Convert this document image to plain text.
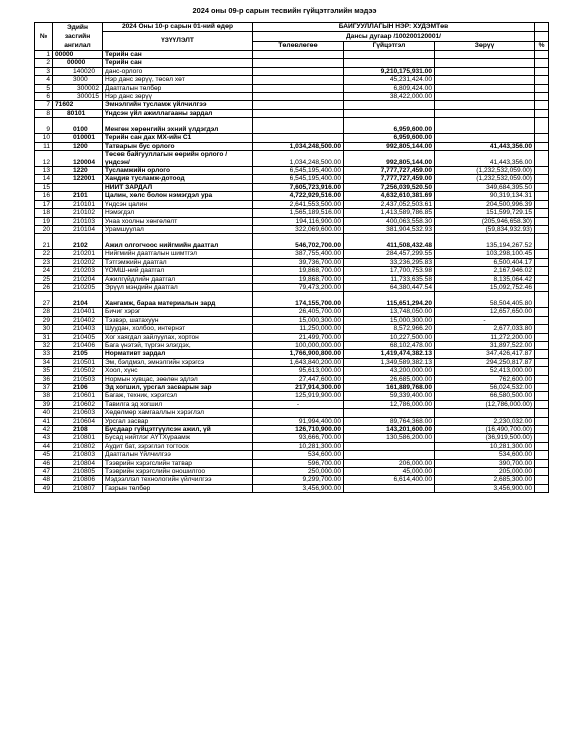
2024 оны 09-р сарын тесвийн гүйцэтгэлийн мэдээ
№	Эдийн
засгийн
ангилал	2024 Оны 10-р сарын 01-ний өдөр	БАЙГУУЛЛАГЫН НЭР: ХУДЭМТөв			
		ҮЗҮҮЛЭЛТ	Дансы дугаар /100200120001/			
			Төлөвлөгөө	Гүйцэтгэл	Зөрүү	%
1	00000	Терийн сан				
2	00000	Терийн сан				
3	140020	данс-орлого		9,210,175,931.00		
4	3000	Нэр данс зөрүү, төсөл хөт		45,231,424.00		
5	300002	Даатгалын төлбөр		6,809,424.00		
6	300015	Нэр данс зөрүү		38,422,000.00		
7	71602	Эмнэлгийн тусламж үйлчилгээ				
8	80101	Үндсэн үйл ажиллагааны зардал				
9	0100	Менгөн хөрөнгийн эхний үлдэгдэл		6,959,600.00		
10	010001	Терийн сан дах МХ-ийн С1		6,959,600.00		
11	1200	Татварын бус орлого	1,034,248,500.00	992,805,144.00	41,443,356.00	
12	120004	Төсөв байгууллагын өөрийн орлого /үндсэн/	1,034,248,500.00	992,805,144.00	41,443,356.00	
13	1220	Тусламжийн орлого	6,545,195,400.00	7,777,727,459.00	(1,232,532,059.00)	
14	122001	Хандив тусламж-дотоод	6,545,195,400.00	7,777,727,459.00	(1,232,532,059.00)	
15		НИЙТ ЗАРДАЛ	7,605,723,916.00	7,256,039,520.50	349,684,395.50	
16	2101	Цалин, хөлс болон нэмэгдэл ура	4,722,929,516.00	4,632,610,381.69	90,319,134.31	
17	210101	Үндсэн цалин	2,641,553,500.00	2,437,052,503.61	204,500,996.39	
18	210102	Нэмэгдэл	1,565,189,516.00	1,413,589,786.85	151,599,729.15	
19	210103	Унаа хоолны хөнгөлөлт	194,116,900.00	400,063,558.30	(205,946,658.30)	
20	210104	Урамшуулал	322,069,600.00	381,904,532.93	(59,834,932.93)	
21	2102	Ажил олгогчоос нийгмийн даатгал	546,702,700.00	411,508,432.48	135,194,267.52	
22	210201	Нийгмийн даатгалын шимтгэл	387,755,400.00	284,457,299.55	103,298,100.45	
23	210202	Тэтгэмжийн даатгал	39,736,700.00	33,236,295.83	6,500,404.17	
24	210203	ҮОМШ-ний даатгал	19,868,700.00	17,700,753.98	2,167,946.02	
25	210204	Ажилгүйдлийн даатгал	19,868,700.00	11,733,635.58	8,135,064.42	
26	210205	Эрүүл мэндийн даатгал	79,473,200.00	64,380,447.54	15,092,752.46	
27	2104	Хангамж, бараа материалын зард	174,155,700.00	115,651,294.20	58,504,405.80	
28	210401	Бичиг хэрэг	26,405,700.00	13,748,050.00	12,657,650.00	
29	210402	Тэзвэр, шатахуун	15,000,300.00	15,000,300.00	-	
30	210403	Шуудан, холбоо, интернэт	11,250,000.00	8,572,966.20	2,677,033.80	
31	210405	Хог хаягдал зайлуулах, хортон	21,499,700.00	10,227,500.00	11,272,200.00	
32	210406	Бага үнэтэй, түргэн элэгдэх,	100,000,000.00	68,102,478.00	31,897,522.00	
33	2105	Нормативт зардал	1,766,900,800.00	1,419,474,382.13	347,426,417.87	
34	210501	Эм, бэлдмэл, эмнэлгийн хэрэгсэ	1,643,840,200.00	1,349,589,382.13	294,250,817.87	
35	210502	Хоол, хүнс	95,613,000.00	43,200,000.00	52,413,000.00	
36	210503	Нормын хувцас, зөөлөн эдлэл	27,447,600.00	26,685,000.00	762,600.00	
37	2106	Эд хогшил, урсгал засварын зар	217,914,300.00	161,889,768.00	56,024,532.00	
38	210601	Багаж, техник, хэрэгсэл	125,919,900.00	59,339,400.00	66,580,500.00	
39	210602	Тавилга эд хогшил	-	12,786,000.00	(12,786,000.00)	
40	210603	Хөдөлмөр хамгааллын хэрэглэл				
41	210604	Урсгал засвар	91,994,400.00	89,764,368.00	2,230,032.00	
42	2108	Бусдаар гүйцэтгүүлсэн ажил, үй	126,710,900.00	143,201,600.00	(16,490,700.00)	
43	210801	Бусад нийтлэг АҮТХүраамж	93,666,700.00	130,586,200.00	(36,919,500.00)	
44	210802	Аудит бат, зэрэглэл тогтоох	10,281,300.00		10,281,300.00	
45	210803	Даатгалын Үйлчилгээ	534,600.00		534,600.00	
46	210804	Тээврийн хэрэгслийн татвар	596,700.00	206,000.00	390,700.00	
47	210805	Тээврийн хэрэгслийн оношилгоо	250,000.00	45,000.00	205,000.00	
48	210806	Мэдээллэл технологийн үйлчилгээ	9,299,700.00	6,614,400.00	2,685,300.00	
49	210807	Газрын төлбөр	3,456,900.00		3,456,900.00	
